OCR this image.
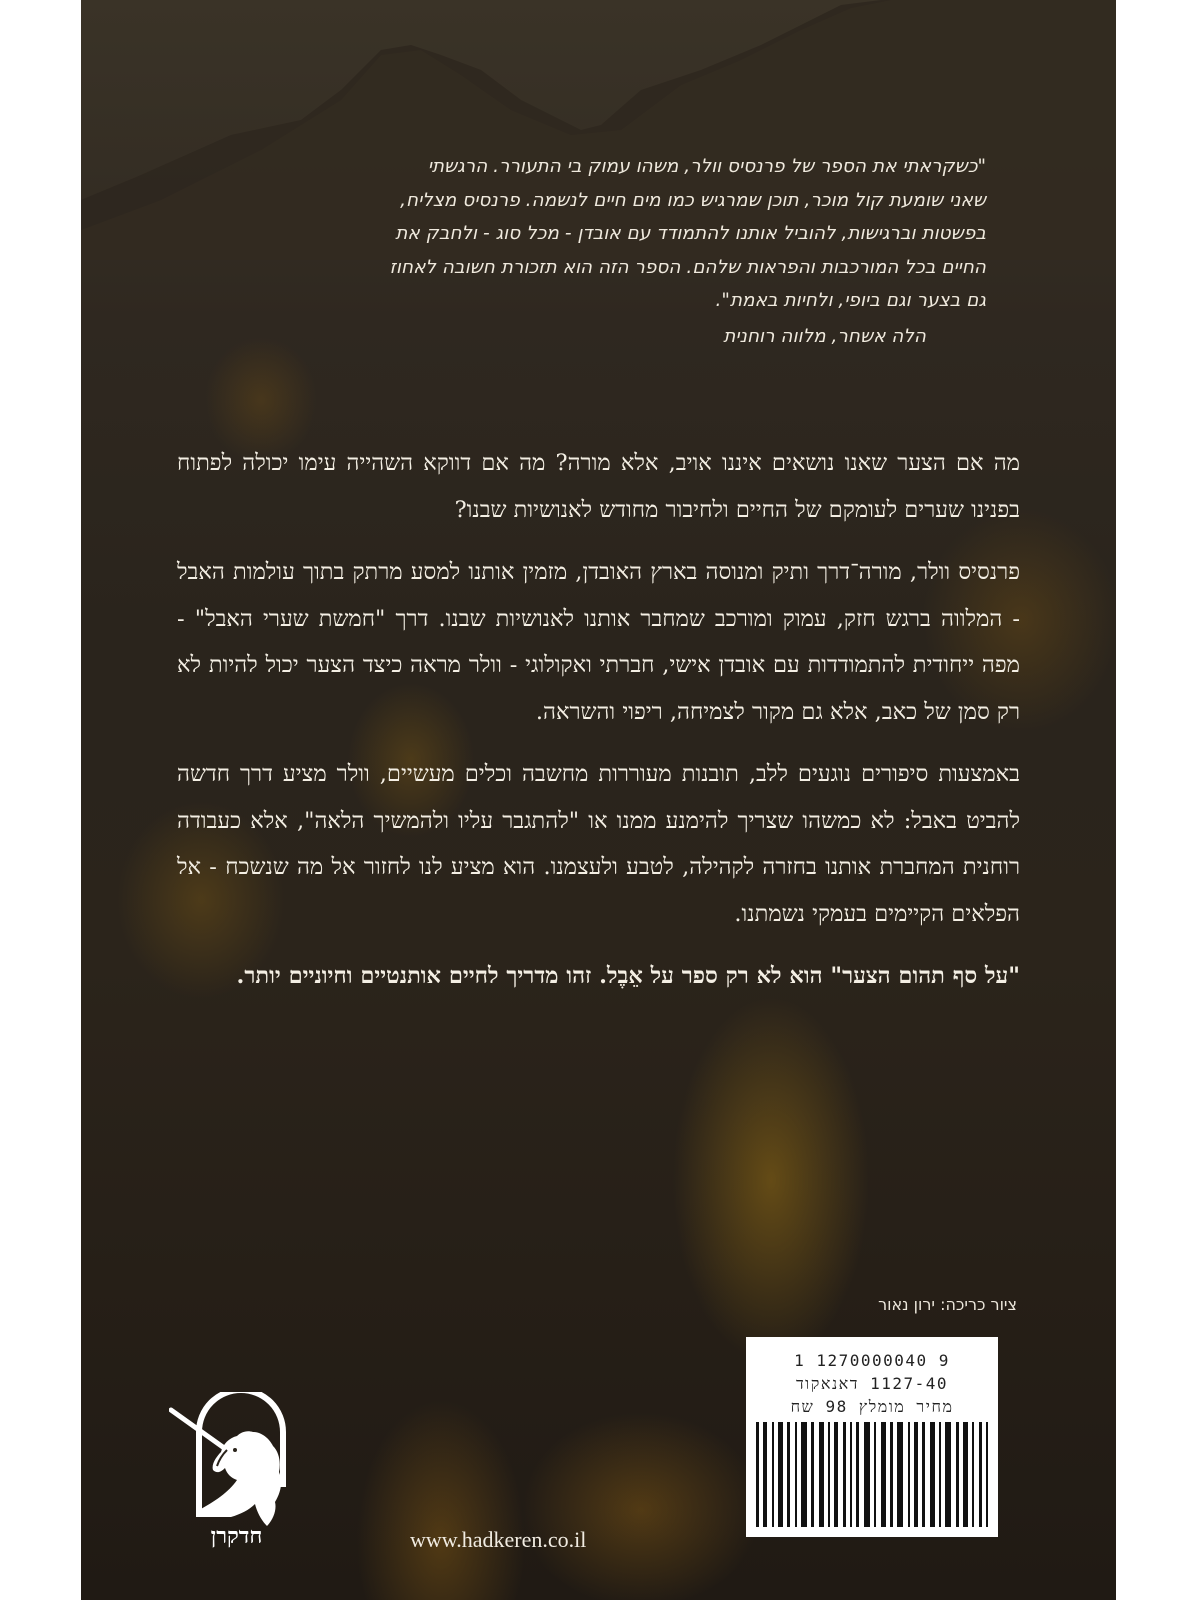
"כשקראתי את הספר של פרנסיס וולר, משהו עמוק בי התעורר. הרגשתי

שאני שומעת קול מוכר, תוכן שמרגיש כמו מים חיים לנשמה. פרנסיס מצליח,

בפשטות וברגישות, להוביל אותנו להתמודד עם אובדן - מכל סוג - ולחבק את

החיים בכל המורכבות והפראות שלהם. הספר הזה הוא תזכורת חשובה לאחוז

גם בצער וגם ביופי, ולחיות באמת".

הלה אשחר, מלווה רוחנית

מה אם הצער שאנו נושאים איננו אויב, אלא מורה? מה אם דווקא השהייה עימו יכולה לפתוח בפנינו שערים לעומקם של החיים ולחיבור מחודש לאנושיות שבנו?

פרנסיס וולר, מורה־דרך ותיק ומנוסה בארץ האובדן, מזמין אותנו למסע מרתק בתוך עולמות האבל - המלווה ברגש חזק, עמוק ומורכב שמחבר אותנו לאנושיות שבנו. דרך "חמשת שערי האבל" - מפה ייחודית להתמודדות עם אובדן אישי, חברתי ואקולוגי - וולר מראה כיצד הצער יכול להיות לא רק סמן של כאב, אלא גם מקור לצמיחה, ריפוי והשראה.

באמצעות סיפורים נוגעים ללב, תובנות מעוררות מחשבה וכלים מעשיים, וולר מציע דרך חדשה להביט באבל: לא כמשהו שצריך להימנע ממנו או "להתגבר עליו ולהמשיך הלאה", אלא כעבודה רוחנית המחברת אותנו בחזרה לקהילה, לטבע ולעצמנו. הוא מציע לנו לחזור אל מה שנשכח - אל הפלאים הקיימים בעמקי נשמתנו.

"על סף תהום הצער" הוא לא רק ספר על אֵבֶל. זהו מדריך לחיים אותנטיים וחיוניים יותר.

ציור כריכה: ירון נאור
1 1270000040 9
1127-40 דאנאקוד
מחיר מומלץ 98 שח
חדקרן	www.hadkeren.co.il
